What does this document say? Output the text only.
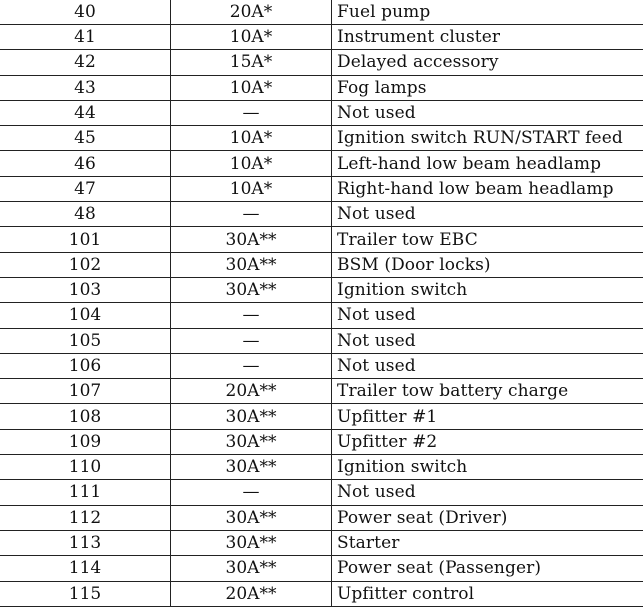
40	20A*	Fuel pump
41	10A*	Instrument cluster
42	15A*	Delayed accessory
43	10A*	Fog lamps
44	—	Not used
45	10A*	Ignition switch RUN/START feed
46	10A*	Left-hand low beam headlamp
47	10A*	Right-hand low beam headlamp
48	—	Not used
101	30A**	Trailer tow EBC
102	30A**	BSM (Door locks)
103	30A**	Ignition switch
104	—	Not used
105	—	Not used
106	—	Not used
107	20A**	Trailer tow battery charge
108	30A**	Upfitter #1
109	30A**	Upfitter #2
110	30A**	Ignition switch
111	—	Not used
112	30A**	Power seat (Driver)
113	30A**	Starter
114	30A**	Power seat (Passenger)
115	20A**	Upfitter control
